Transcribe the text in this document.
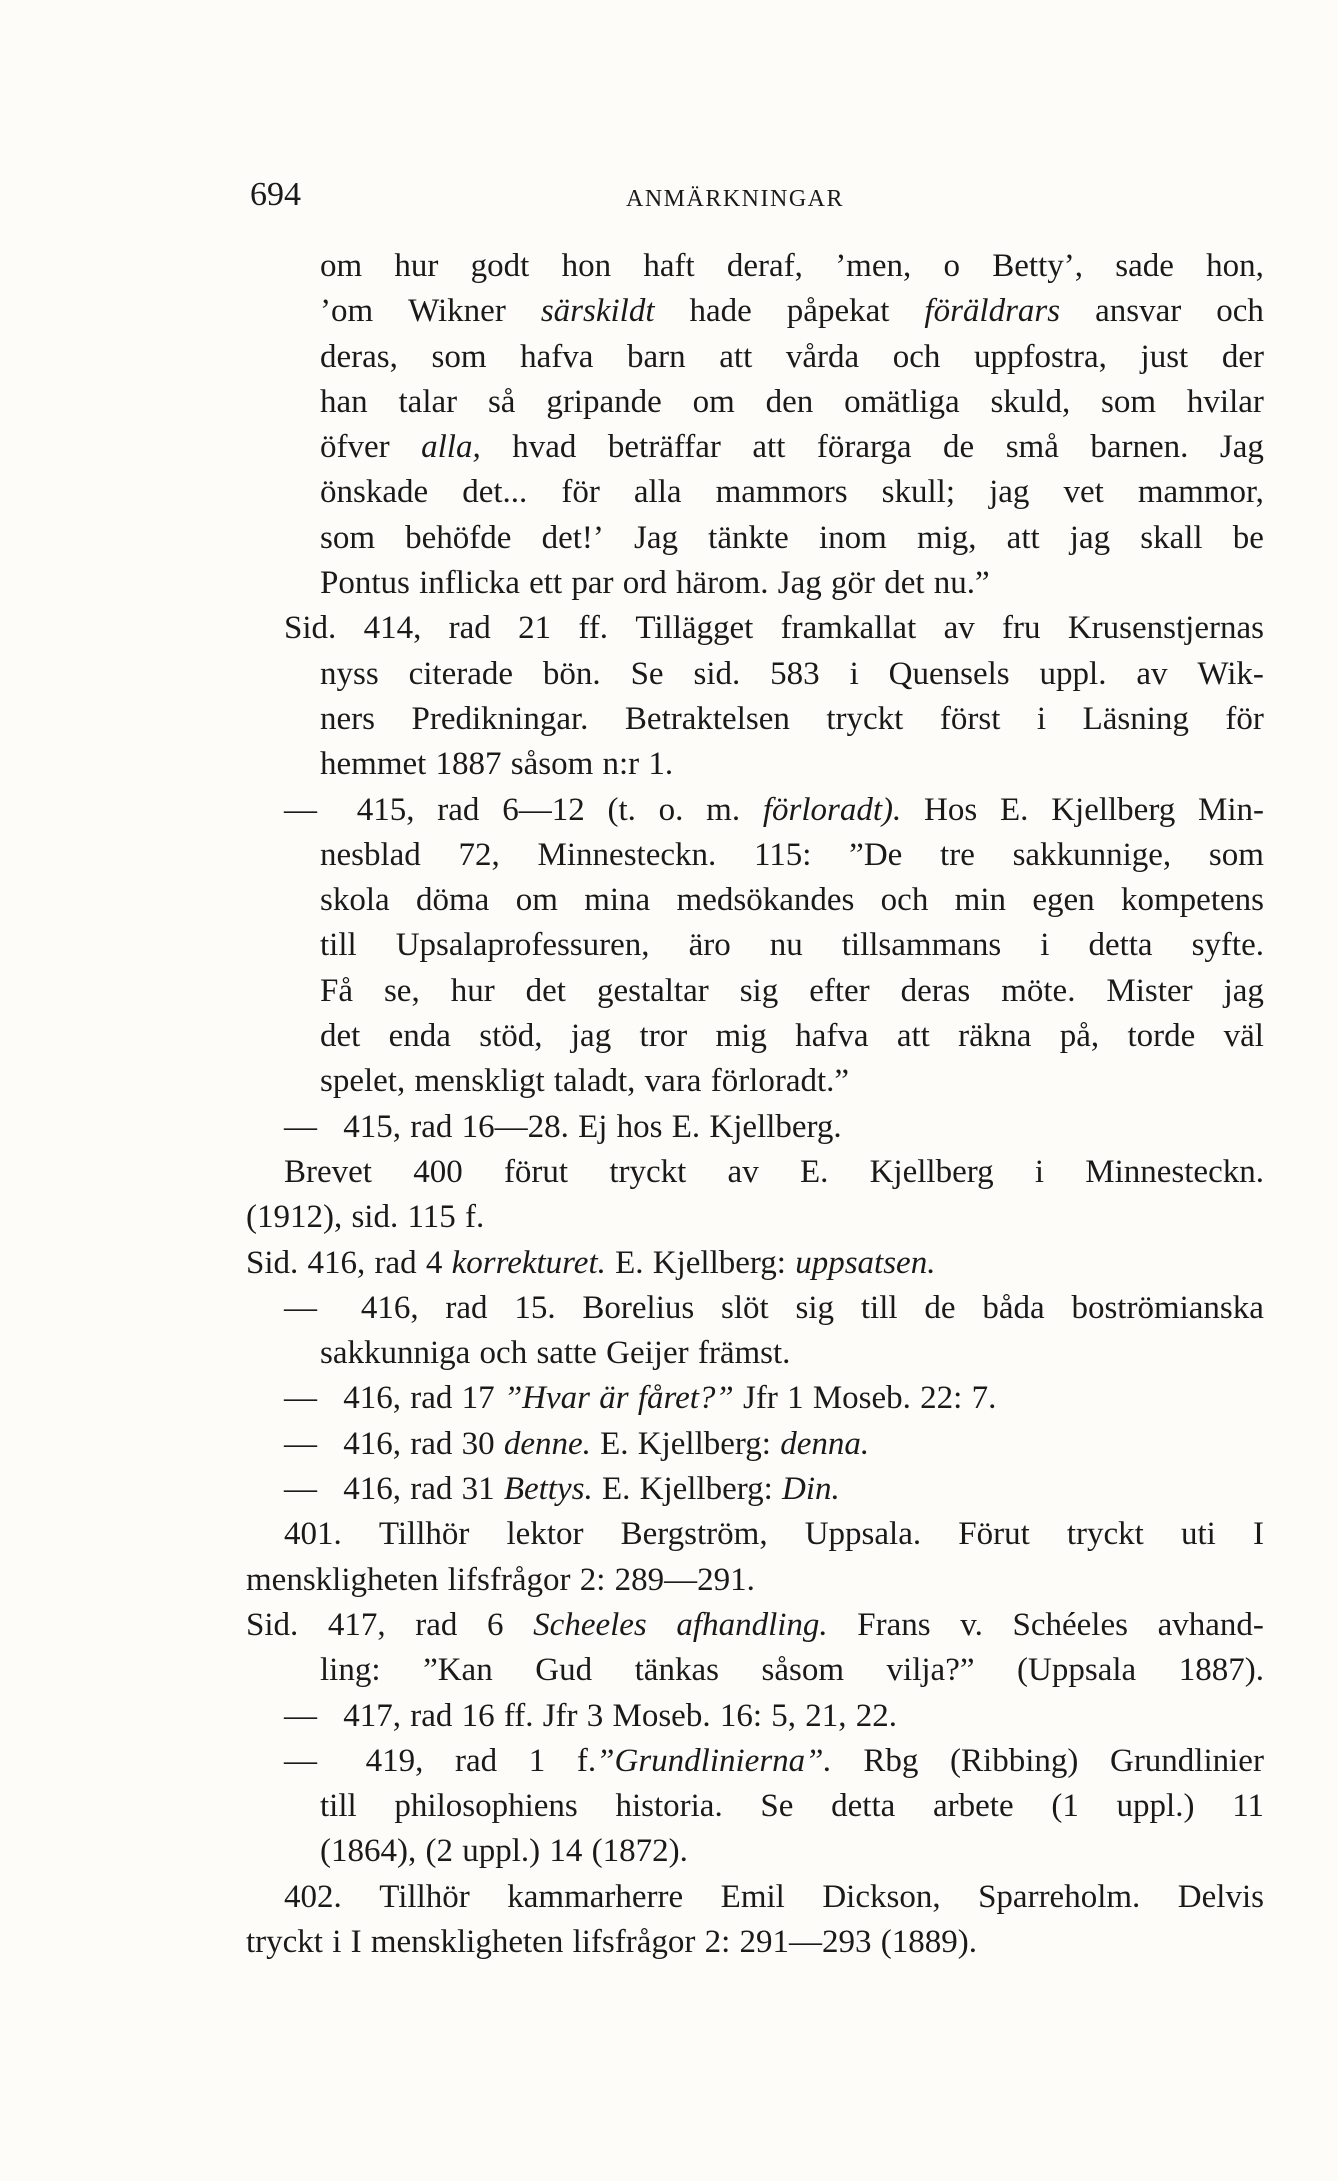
694	ANMÄRKNINGAR
om hur godt hon haft deraf, ’men, o Betty’, sade hon,
’om Wikner särskildt hade påpekat föräldrars ansvar och
deras, som hafva barn att vårda och uppfostra, just der
han talar så gripande om den omätliga skuld, som hvilar
öfver alla, hvad beträffar att förarga de små barnen. Jag
önskade det... för alla mammors skull; jag vet mammor,
som behöfde det!’ Jag tänkte inom mig, att jag skall be
Pontus inflicka ett par ord härom. Jag gör det nu.”
Sid. 414, rad 21 ff. Tillägget framkallat av fru Krusenstjernas
nyss citerade bön. Se sid. 583 i Quensels uppl. av Wik-
ners Predikningar. Betraktelsen tryckt först i Läsning för
hemmet 1887 såsom n:r 1.
—	415, rad 6—12 (t. o. m. förloradt). Hos E. Kjellberg Min-
nesblad 72, Minnesteckn. 115: ”De tre sakkunnige, som
skola döma om mina medsökandes och min egen kompetens
till Upsalaprofessuren, äro nu tillsammans i detta syfte.
Få se, hur det gestaltar sig efter deras möte. Mister jag
det enda stöd, jag tror mig hafva att räkna på, torde väl
spelet, menskligt taladt, vara förloradt.”
— 415, rad 16—28. Ej hos E. Kjellberg.
Brevet 400 förut tryckt av E. Kjellberg i Minnesteckn.
(1912), sid. 115 f.
Sid. 416, rad 4 korrekturet. E. Kjellberg: uppsatsen.
—	416, rad 15. Borelius slöt sig till de båda boströmianska
sakkunniga och satte Geijer främst.
— 416, rad 17 ”Hvar är fåret?” Jfr 1 Moseb. 22: 7.
— 416, rad 30 denne. E. Kjellberg: denna.
— 416, rad 31 Bettys. E. Kjellberg: Din.
401. Tillhör lektor Bergström, Uppsala. Förut tryckt uti I
menskligheten lifsfrågor 2: 289—291.
Sid. 417, rad 6 Scheeles afhandling. Frans v. Schéeles avhand-
ling: ”Kan Gud tänkas såsom vilja?” (Uppsala 1887).
— 417, rad 16 ff. Jfr 3 Moseb. 16: 5, 21, 22.
—	419, rad 1 f.”Grundlinierna”. Rbg (Ribbing) Grundlinier
till philosophiens historia. Se detta arbete (1 uppl.) 11
(1864), (2 uppl.) 14 (1872).
402. Tillhör kammarherre Emil Dickson, Sparreholm. Delvis
tryckt i I menskligheten lifsfrågor 2: 291—293 (1889).
